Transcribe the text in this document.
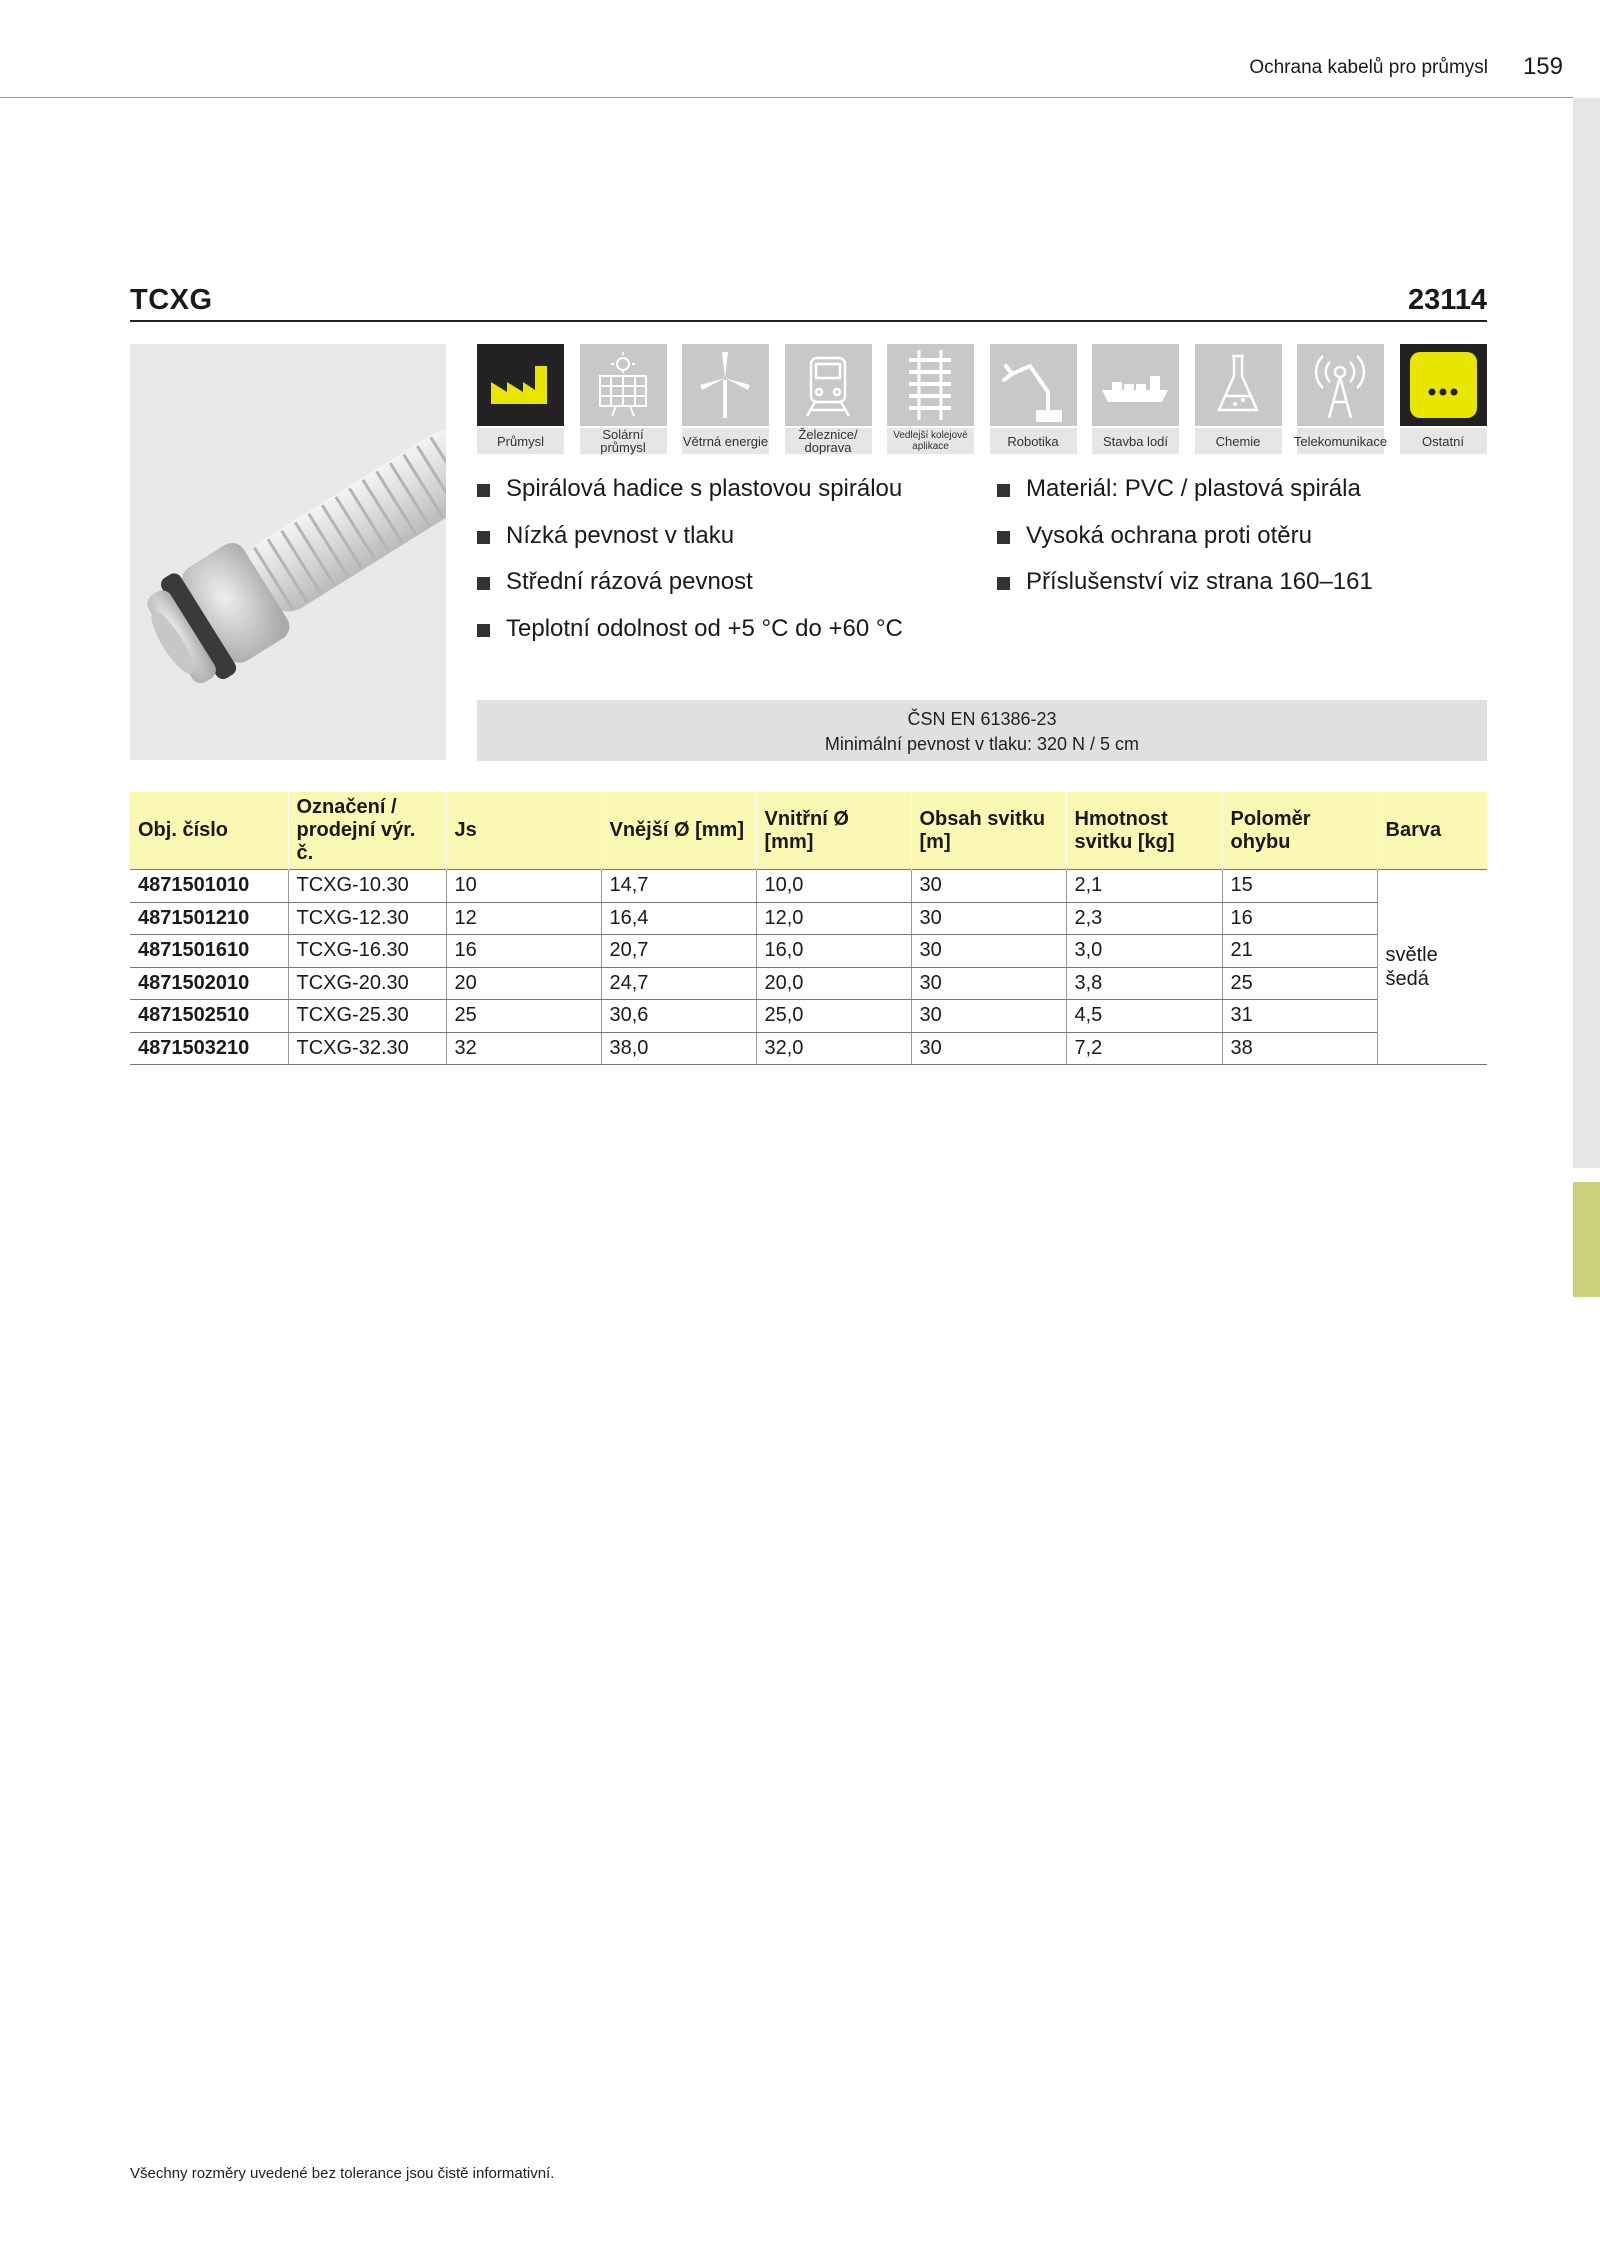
Ochrana kabelů pro průmysl 159
TCXG	23114
Průmysl	Solární průmysl	Větrná energie	Železnice/ doprava
Vedlejší kolejové aplikace	Robotika	Stavba lodí	Chemie	Telekomunikace	Ostatní
Spirálová hadice s plastovou spirálou
Nízká pevnost v tlaku
Střední rázová pevnost
Teplotní odolnost od +5 °C do +60 °C
Materiál: PVC / plastová spirála
Vysoká ochrana proti otěru
Příslušenství viz strana 160–161
ČSN EN 61386-23
Minimální pevnost v tlaku: 320 N / 5 cm
Obj. číslo	Označení / prodejní výr. č.	Js	Vnější Ø [mm]	Vnitřní Ø [mm]	Obsah svitku [m]	Hmotnost svitku [kg]	Poloměr ohybu	Barva
4871501010	TCXG-10.30	10	14,7	10,0	30	2,1	15	světle šedá
4871501210	TCXG-12.30	12	16,4	12,0	30	2,3	16	
4871501610	TCXG-16.30	16	20,7	16,0	30	3,0	21	
4871502010	TCXG-20.30	20	24,7	20,0	30	3,8	25	
4871502510	TCXG-25.30	25	30,6	25,0	30	4,5	31	
4871503210	TCXG-32.30	32	38,0	32,0	30	7,2	38	
Všechny rozměry uvedené bez tolerance jsou čistě informativní.
